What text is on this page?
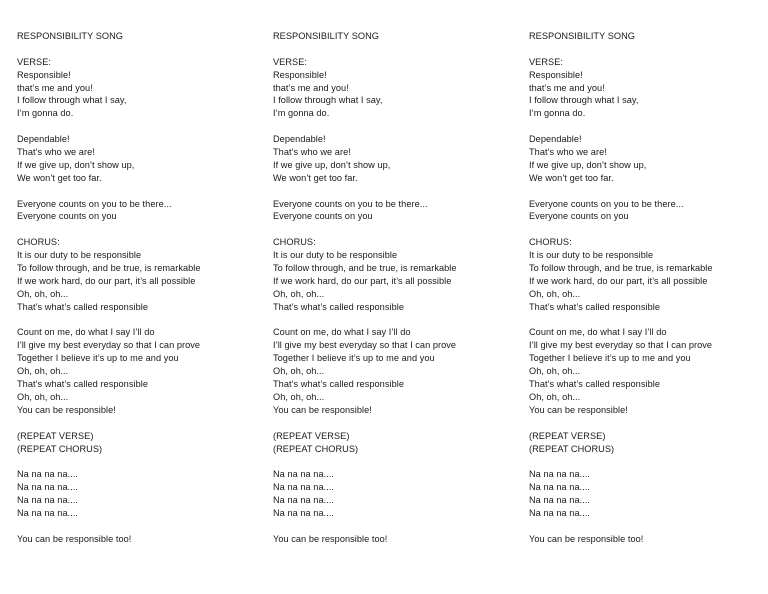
RESPONSIBILITY SONG
VERSE:
Responsible!
that’s me and you!
I follow through what I say,
I’m gonna do.
Dependable!
That’s who we are!
If we give up, don’t show up,
We won’t get too far.
Everyone counts on you to be there...
Everyone counts on you
CHORUS:
It is our duty to be responsible
To follow through, and be true, is remarkable
If we work hard, do our part, it’s all possible
Oh, oh, oh...
That’s what’s called responsible
Count on me, do what I say I’ll do
I’ll give my best everyday so that I can prove
Together I believe it’s up to me and you
Oh, oh, oh...
That’s what’s called responsible
Oh, oh, oh...
You can be responsible!
(REPEAT VERSE)
(REPEAT CHORUS)
Na na na na....
Na na na na....
Na na na na....
Na na na na....
You can be responsible too!
RESPONSIBILITY SONG
VERSE:
Responsible!
that’s me and you!
I follow through what I say,
I’m gonna do.
Dependable!
That’s who we are!
If we give up, don’t show up,
We won’t get too far.
Everyone counts on you to be there...
Everyone counts on you
CHORUS:
It is our duty to be responsible
To follow through, and be true, is remarkable
If we work hard, do our part, it’s all possible
Oh, oh, oh...
That’s what’s called responsible
Count on me, do what I say I’ll do
I’ll give my best everyday so that I can prove
Together I believe it’s up to me and you
Oh, oh, oh...
That’s what’s called responsible
Oh, oh, oh...
You can be responsible!
(REPEAT VERSE)
(REPEAT CHORUS)
Na na na na....
Na na na na....
Na na na na....
Na na na na....
You can be responsible too!
RESPONSIBILITY SONG
VERSE:
Responsible!
that’s me and you!
I follow through what I say,
I’m gonna do.
Dependable!
That’s who we are!
If we give up, don’t show up,
We won’t get too far.
Everyone counts on you to be there...
Everyone counts on you
CHORUS:
It is our duty to be responsible
To follow through, and be true, is remarkable
If we work hard, do our part, it’s all possible
Oh, oh, oh...
That’s what’s called responsible
Count on me, do what I say I’ll do
I’ll give my best everyday so that I can prove
Together I believe it’s up to me and you
Oh, oh, oh...
That’s what’s called responsible
Oh, oh, oh...
You can be responsible!
(REPEAT VERSE)
(REPEAT CHORUS)
Na na na na....
Na na na na....
Na na na na....
Na na na na....
You can be responsible too!
